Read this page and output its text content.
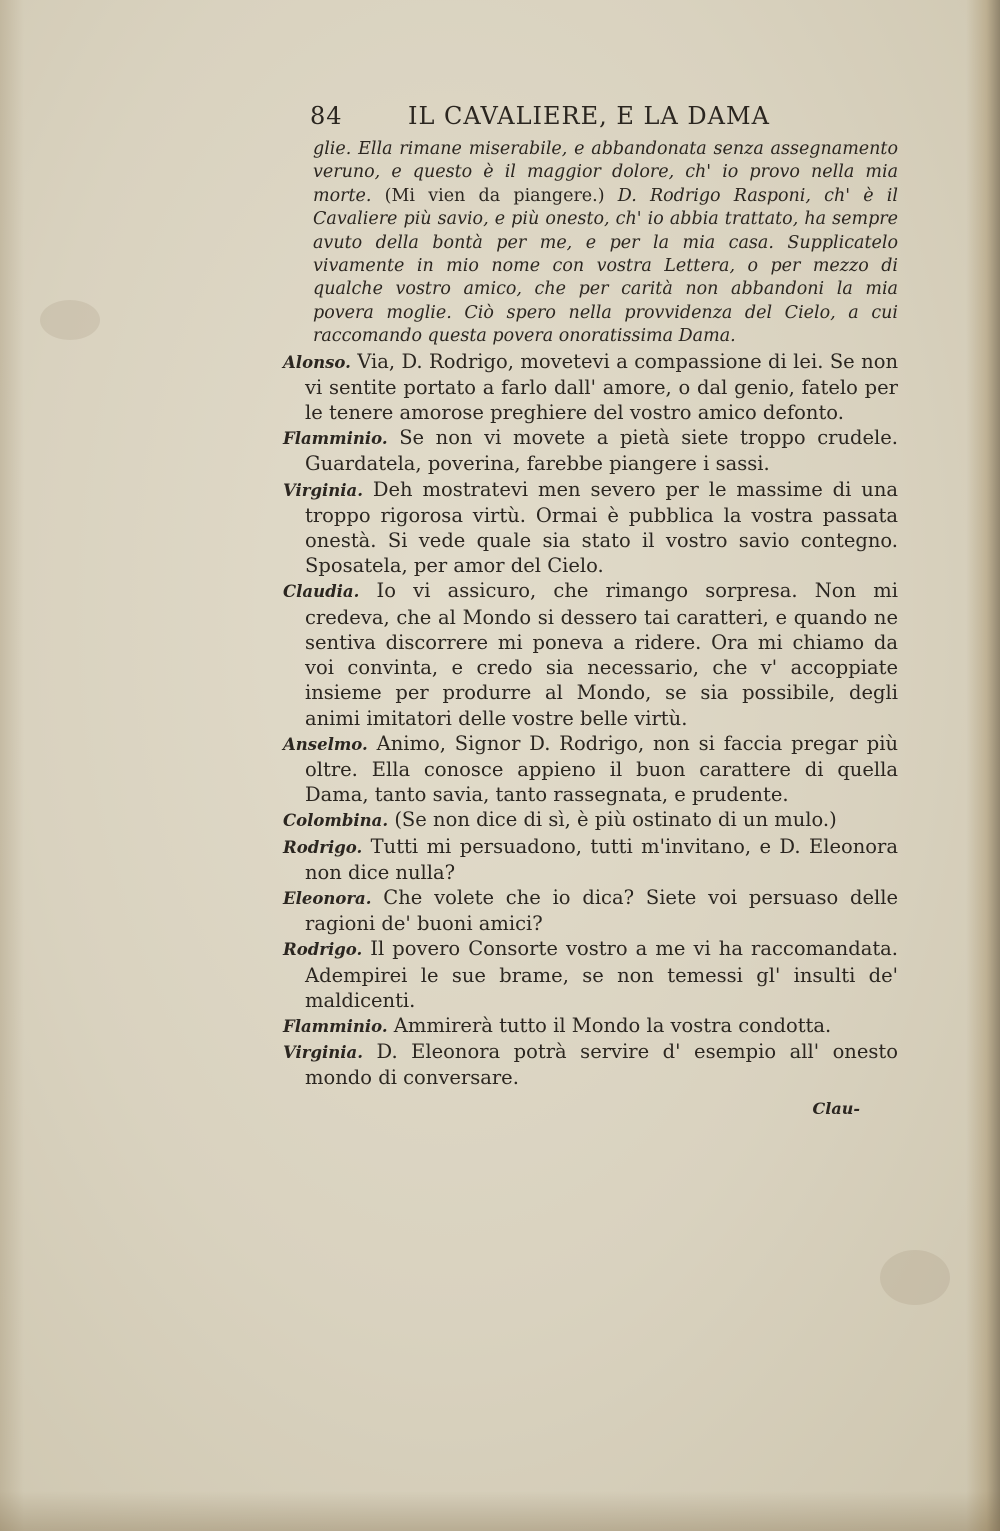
84	IL CAVALIERE, E LA DAMA
glie. Ella rimane miserabile, e abbandonata senza assegnamento veruno, e questo è il maggior dolore, ch' io provo nella mia morte. (Mi vien da piangere.) D. Rodrigo Rasponi, ch' è il Cavaliere più savio, e più onesto, ch' io abbia trattato, ha sempre avuto della bontà per me, e per la mia casa. Supplicatelo vivamente in mio nome con vostra Lettera, o per mezzo di qualche vostro amico, che per carità non abbandoni la mia povera moglie. Ciò spero nella provvidenza del Cielo, a cui raccomando questa povera onoratissima Dama.
Alonso. Via, D. Rodrigo, movetevi a compassione di lei. Se non vi sentite portato a farlo dall' amore, o dal genio, fatelo per le tenere amorose preghiere del vostro amico defonto.
Flamminio. Se non vi movete a pietà siete troppo crudele. Guardatela, poverina, farebbe piangere i sassi.
Virginia. Deh mostratevi men severo per le massime di una troppo rigorosa virtù. Ormai è pubblica la vostra passata onestà. Si vede quale sia stato il vostro savio contegno. Sposatela, per amor del Cielo.
Claudia. Io vi assicuro, che rimango sorpresa. Non mi credeva, che al Mondo si dessero tai caratteri, e quando ne sentiva discorrere mi poneva a ridere. Ora mi chiamo da voi convinta, e credo sia necessario, che v' accoppiate insieme per produrre al Mondo, se sia possibile, degli animi imitatori delle vostre belle virtù.
Anselmo. Animo, Signor D. Rodrigo, non si faccia pregar più oltre. Ella conosce appieno il buon carattere di quella Dama, tanto savia, tanto rassegnata, e prudente.
Colombina. (Se non dice di sì, è più ostinato di un mulo.)
Rodrigo. Tutti mi persuadono, tutti m'invitano, e D. Eleonora non dice nulla?
Eleonora. Che volete che io dica? Siete voi persuaso delle ragioni de' buoni amici?
Rodrigo. Il povero Consorte vostro a me vi ha raccomandata. Adempirei le sue brame, se non temessi gl' insulti de' maldicenti.
Flamminio. Ammirerà tutto il Mondo la vostra condotta.
Virginia. D. Eleonora potrà servire d' esempio all' onesto mondo di conversare.
Clau-
